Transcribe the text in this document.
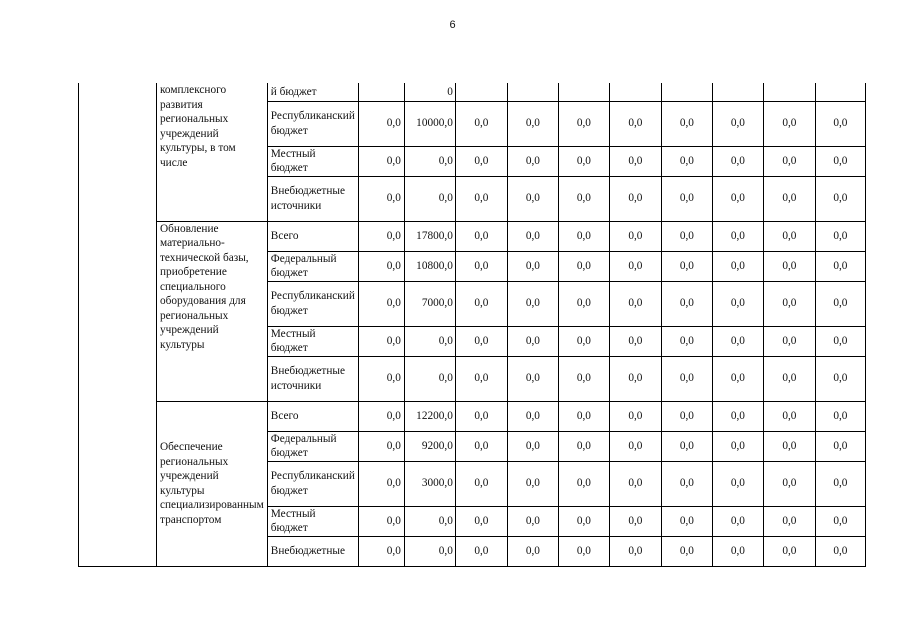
6
	комплексного развития региональных учреждений культуры, в том числе	й бюджет		0								
		Республиканский бюджет	0,0	10000,0	0,0	0,0	0,0	0,0	0,0	0,0	0,0	0,0
		Местный бюджет	0,0	0,0	0,0	0,0	0,0	0,0	0,0	0,0	0,0	0,0
		Внебюджетные источники	0,0	0,0	0,0	0,0	0,0	0,0	0,0	0,0	0,0	0,0
	Обновление материально-технической базы, приобретение специального оборудования для региональных учреждений культуры	Всего	0,0	17800,0	0,0	0,0	0,0	0,0	0,0	0,0	0,0	0,0
		Федеральный бюджет	0,0	10800,0	0,0	0,0	0,0	0,0	0,0	0,0	0,0	0,0
		Республиканский бюджет	0,0	7000,0	0,0	0,0	0,0	0,0	0,0	0,0	0,0	0,0
		Местный бюджет	0,0	0,0	0,0	0,0	0,0	0,0	0,0	0,0	0,0	0,0
		Внебюджетные источники	0,0	0,0	0,0	0,0	0,0	0,0	0,0	0,0	0,0	0,0
	Обеспечение региональных учреждений культуры специализированным транспортом	Всего	0,0	12200,0	0,0	0,0	0,0	0,0	0,0	0,0	0,0	0,0
		Федеральный бюджет	0,0	9200,0	0,0	0,0	0,0	0,0	0,0	0,0	0,0	0,0
		Республиканский бюджет	0,0	3000,0	0,0	0,0	0,0	0,0	0,0	0,0	0,0	0,0
		Местный бюджет	0,0	0,0	0,0	0,0	0,0	0,0	0,0	0,0	0,0	0,0
		Внебюджетные	0,0	0,0	0,0	0,0	0,0	0,0	0,0	0,0	0,0	0,0
